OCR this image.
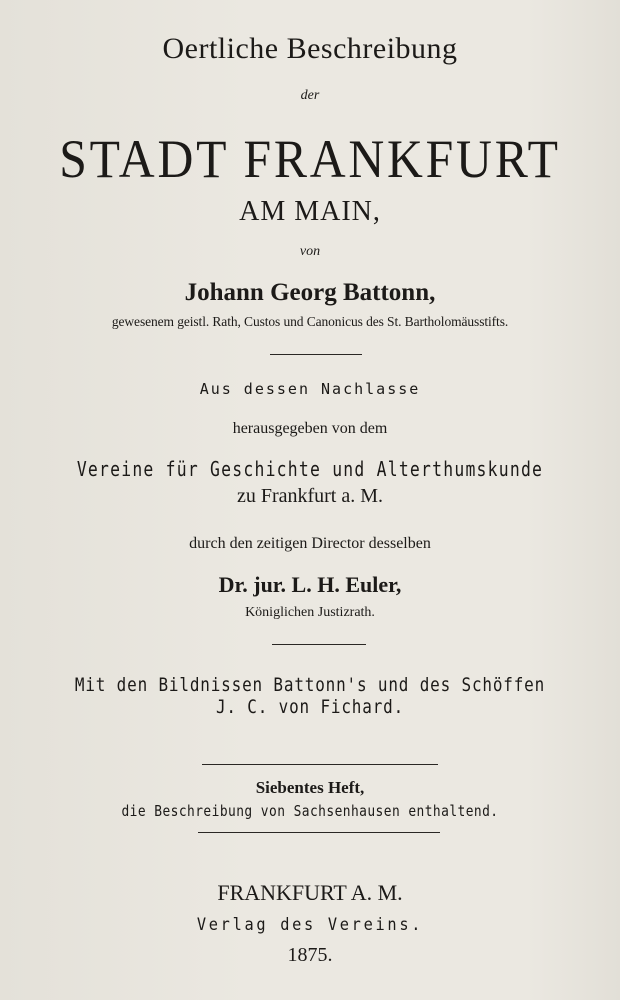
Oertliche Beschreibung
der
STADT FRANKFURT
AM MAIN,
von
Johann Georg Battonn,
gewesenem geistl. Rath, Custos und Canonicus des St. Bartholomäusstifts.
Aus dessen Nachlasse
herausgegeben von dem
Vereine für Geschichte und Alterthumskunde
zu Frankfurt a. M.
durch den zeitigen Director desselben
Dr. jur. L. H. Euler,
Königlichen Justizrath.
Mit den Bildnissen Battonn's und des Schöffen
J. C. von Fichard.
Siebentes Heft,
die Beschreibung von Sachsenhausen enthaltend.
FRANKFURT A. M.
Verlag des Vereins.
1875.
